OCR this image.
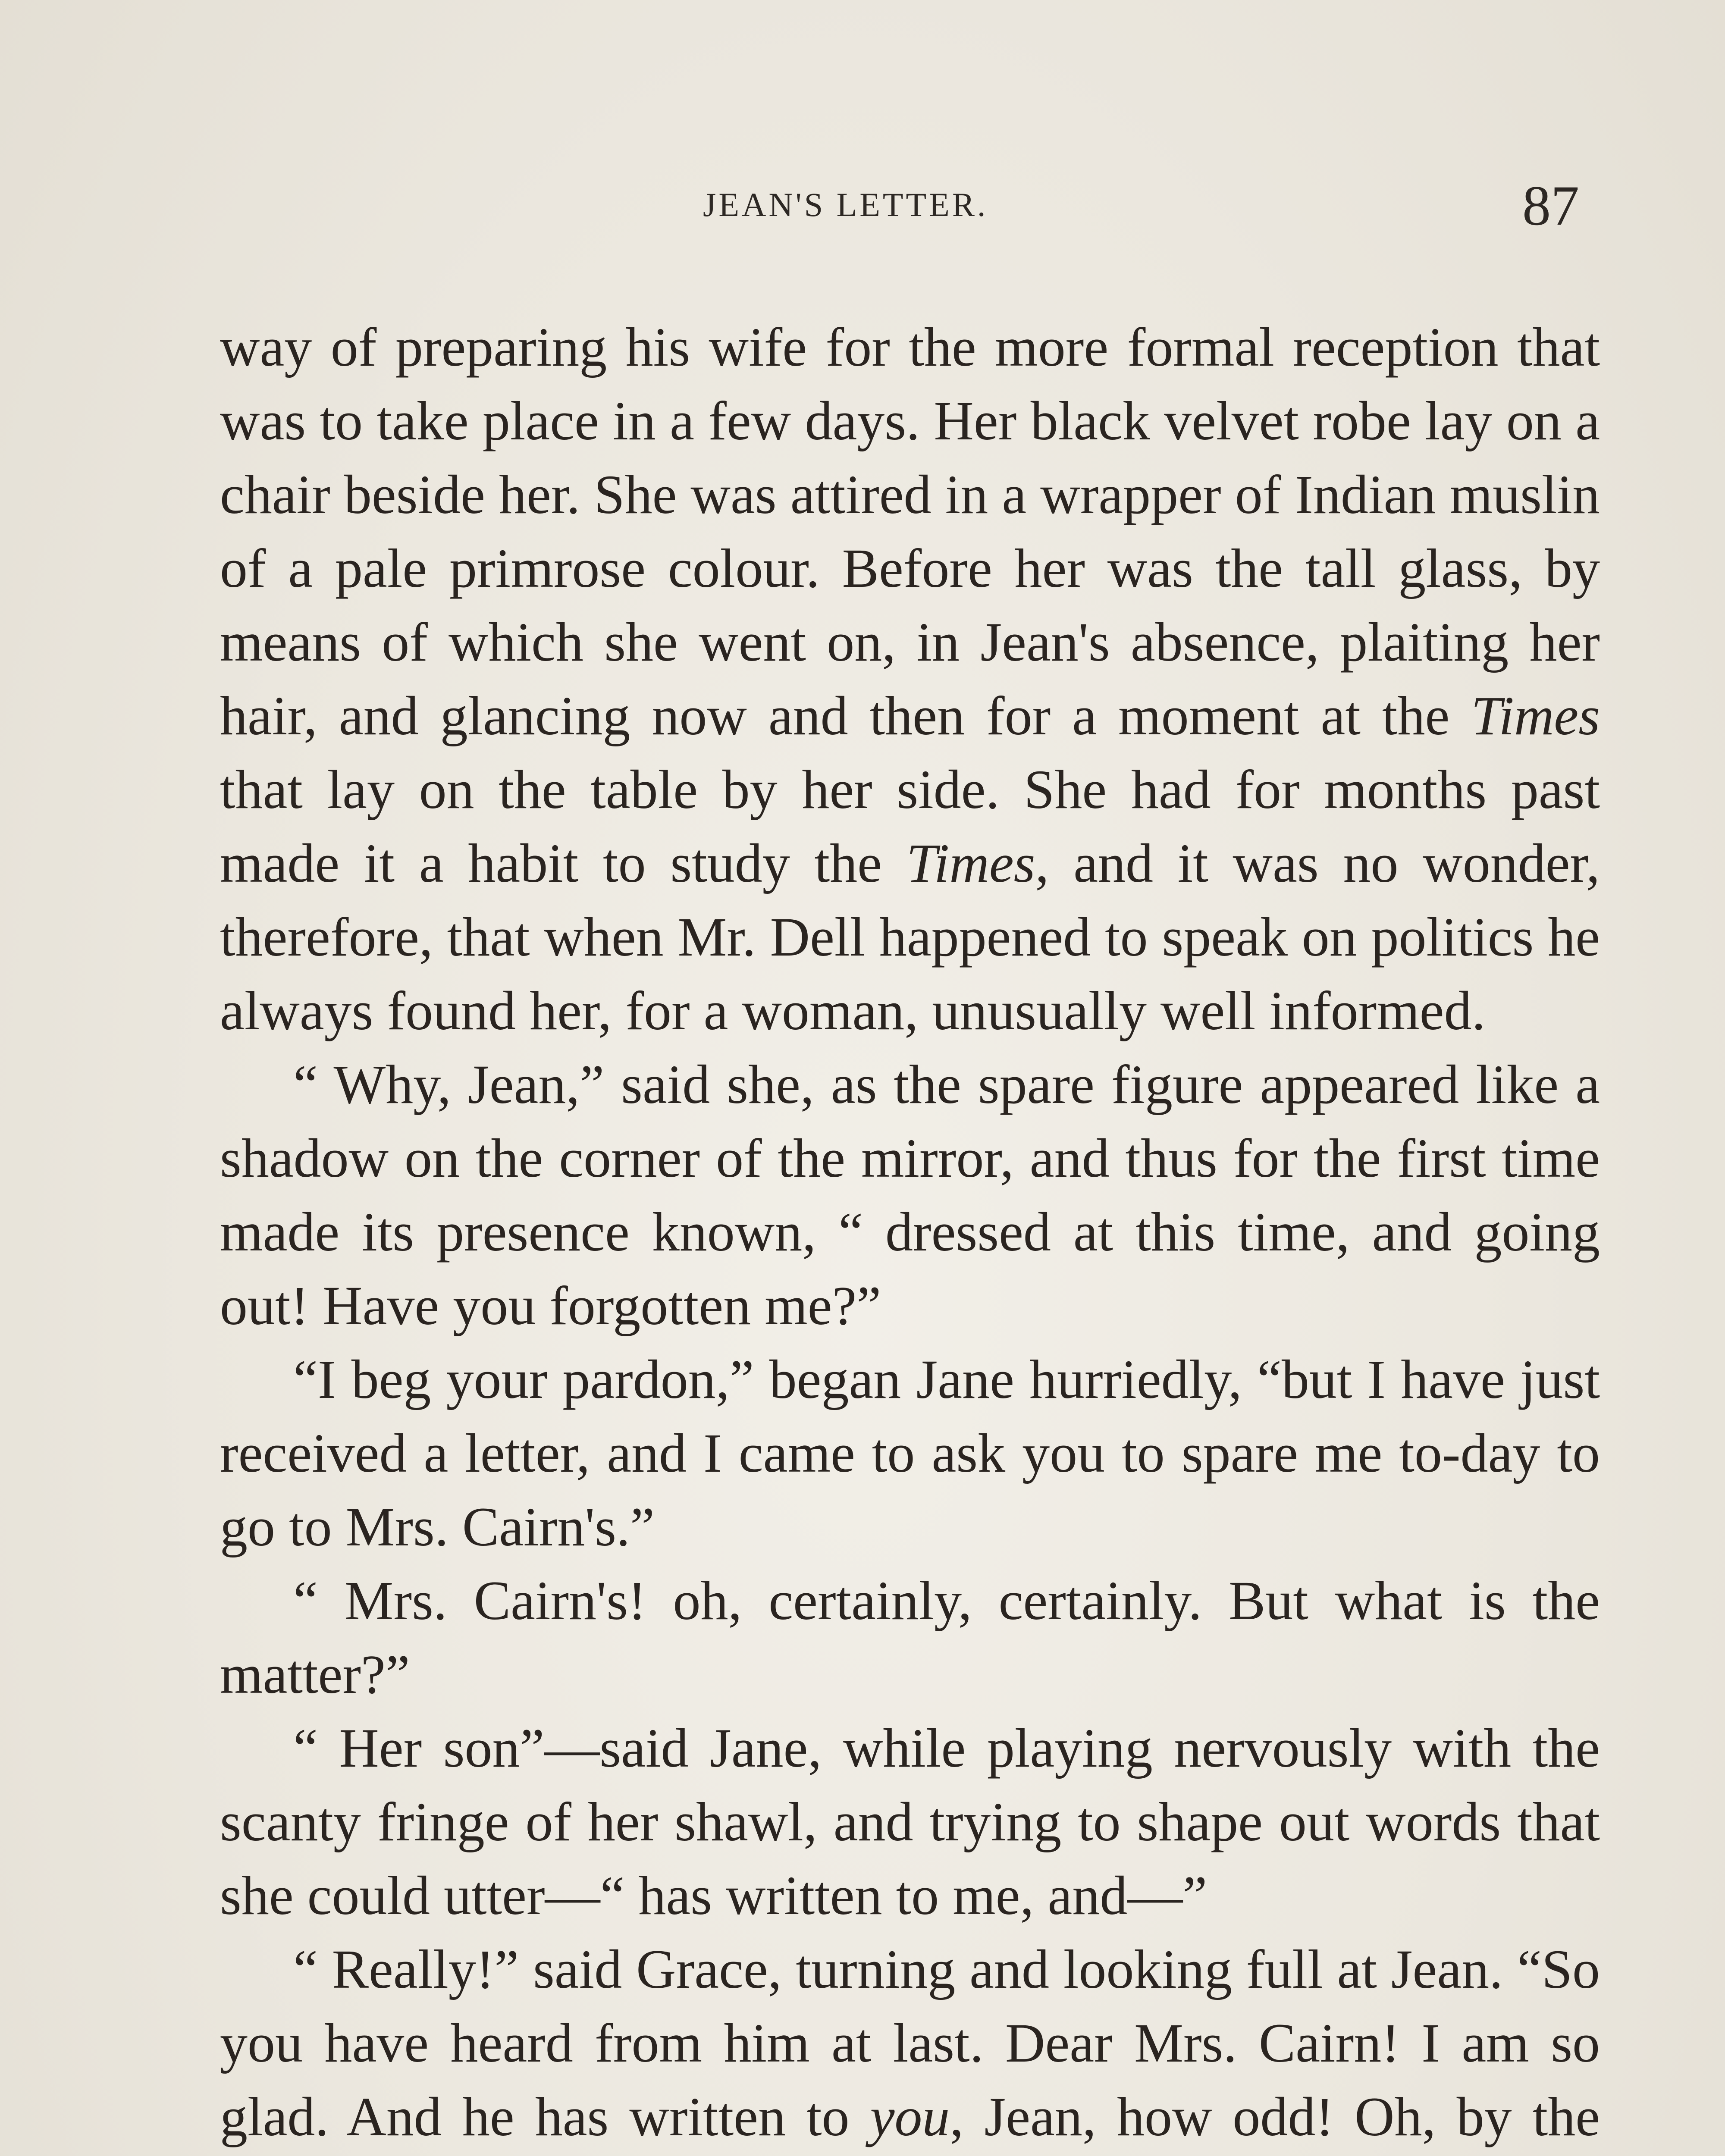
JEAN'S LETTER.	87

way of preparing his wife for the more formal reception that was to take place in a few days. Her black velvet robe lay on a chair beside her. She was attired in a wrapper of Indian muslin of a pale primrose colour. Before her was the tall glass, by means of which she went on, in Jean's absence, plaiting her hair, and glancing now and then for a moment at the Times that lay on the table by her side. She had for months past made it a habit to study the Times, and it was no wonder, therefore, that when Mr. Dell happened to speak on politics he always found her, for a woman, unusually well informed.

“ Why, Jean,” said she, as the spare figure appeared like a shadow on the corner of the mirror, and thus for the first time made its presence known, “ dressed at this time, and going out! Have you forgotten me?”

“I beg your pardon,” began Jane hurriedly, “but I have just received a letter, and I came to ask you to spare me to-day to go to Mrs. Cairn's.”

“ Mrs. Cairn's! oh, certainly, certainly. But what is the matter?”

“ Her son”—said Jane, while playing nervously with the scanty fringe of her shawl, and trying to shape out words that she could utter—“ has written to me, and—”

“ Really!” said Grace, turning and looking full at Jean. “So you have heard from him at last. Dear Mrs. Cairn! I am so glad. And he has written to you, Jean, how odd! Oh, by the
